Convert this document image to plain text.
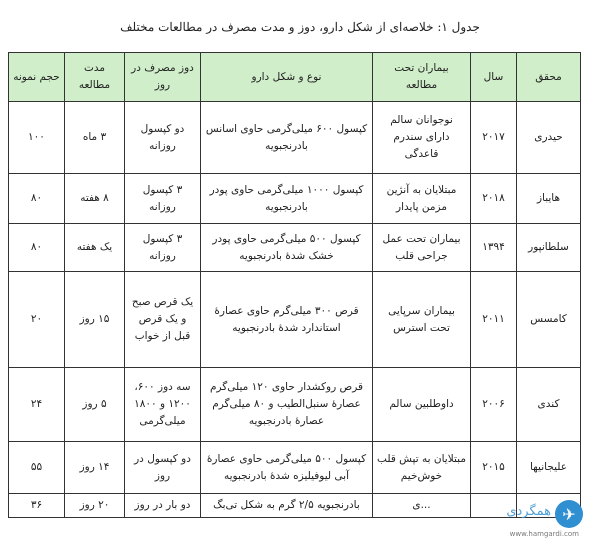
جدول ۱: خلاصه‌ای از شکل دارو، دوز و مدت مصرف در مطالعات مختلف
محقق	سال	بیماران تحت مطالعه	نوع و شکل دارو	دوز مصرف در روز	مدت مطالعه	حجم نمونه
حیدری	۲۰۱۷	نوجوانان سالم دارای سندرم قاعدگی	کپسول ۶۰۰ میلی‌گرمی حاوی اسانس بادرنجبویه	دو کپسول روزانه	۳ ماه	۱۰۰
هایباز	۲۰۱۸	مبتلایان به آنژین مزمن پایدار	کپسول ۱۰۰۰ میلی‌گرمی حاوی پودر بادرنجبویه	۳ کپسول روزانه	۸ هفته	۸۰
سلطانپور	۱۳۹۴	بیماران تحت عمل جراحی قلب	کپسول ۵۰۰ میلی‌گرمی حاوی پودر خشک شدهٔ بادرنجبویه	۳ کپسول روزانه	یک هفته	۸۰
کامسس	۲۰۱۱	بیماران سرپایی تحت استرس	قرص ۳۰۰ میلی‌گرم حاوی عصارهٔ استاندارد شدهٔ بادرنجبویه	یک قرص صبح و یک قرص قبل از خواب	۱۵ روز	۲۰
کندی	۲۰۰۶	داوطلبین سالم	قرص روکشدار حاوی ۱۲۰ میلی‌گرم عصارهٔ سنبل‌الطیب و ۸۰ میلی‌گرم عصارهٔ بادرنجبویه	سه دوز ۶۰۰، ۱۲۰۰ و ۱۸۰۰ میلی‌گرمی	۵ روز	۲۴
علیجانیها	۲۰۱۵	مبتلایان به تپش قلب خوش‌خیم	کپسول ۵۰۰ میلی‌گرمی حاوی عصارهٔ آبی لیوفیلیزه شدهٔ بادرنجبویه	دو کپسول در روز	۱۴ روز	۵۵
		...ی	بادرنجبویه ۲/۵ گرم به شکل تی‌بگ	دو بار در روز	۲۰ روز	۳۶	✈
همگردی
www.hamgardi.com
